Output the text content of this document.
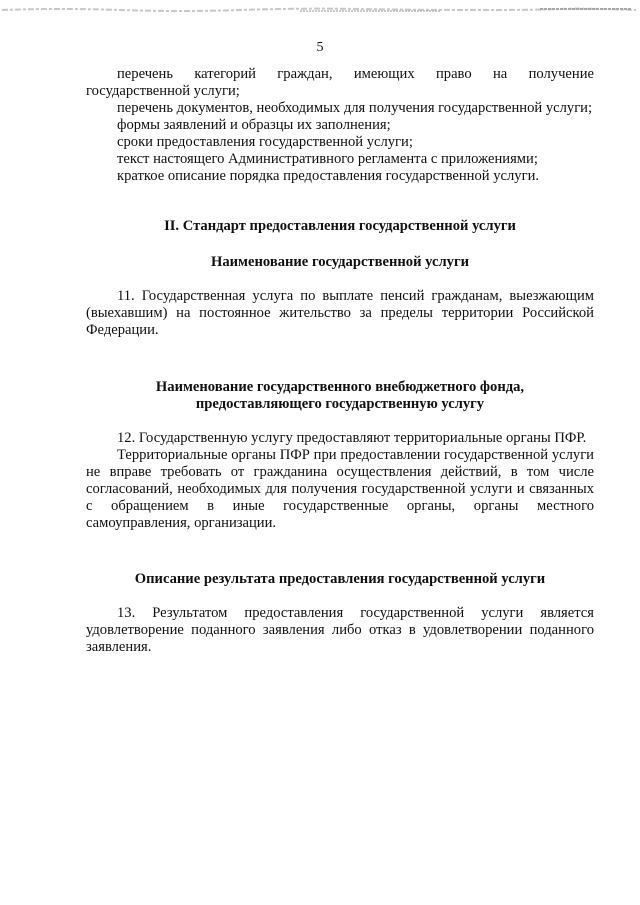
5

перечень категорий граждан, имеющих право на получение государственной услуги;

перечень документов, необходимых для получения государственной услуги;

формы заявлений и образцы их заполнения;

сроки предоставления государственной услуги;

текст настоящего Административного регламента с приложениями;

краткое описание порядка предоставления государственной услуги.

II. Стандарт предоставления государственной услуги
Наименование государственной услуги

11. Государственная услуга по выплате пенсий гражданам, выезжающим (выехавшим) на постоянное жительство за пределы территории Российской Федерации.

Наименование государственного внебюджетного фонда,
предоставляющего государственную услугу

12. Государственную услугу предоставляют территориальные органы ПФР.

Территориальные органы ПФР при предоставлении государственной услуги не вправе требовать от гражданина осуществления действий, в том числе согласований, необходимых для получения государственной услуги и связанных с обращением в иные государственные органы, органы местного самоуправления, организации.

Описание результата предоставления государственной услуги

13. Результатом предоставления государственной услуги является удовлетворение поданного заявления либо отказ в удовлетворении поданного заявления.
